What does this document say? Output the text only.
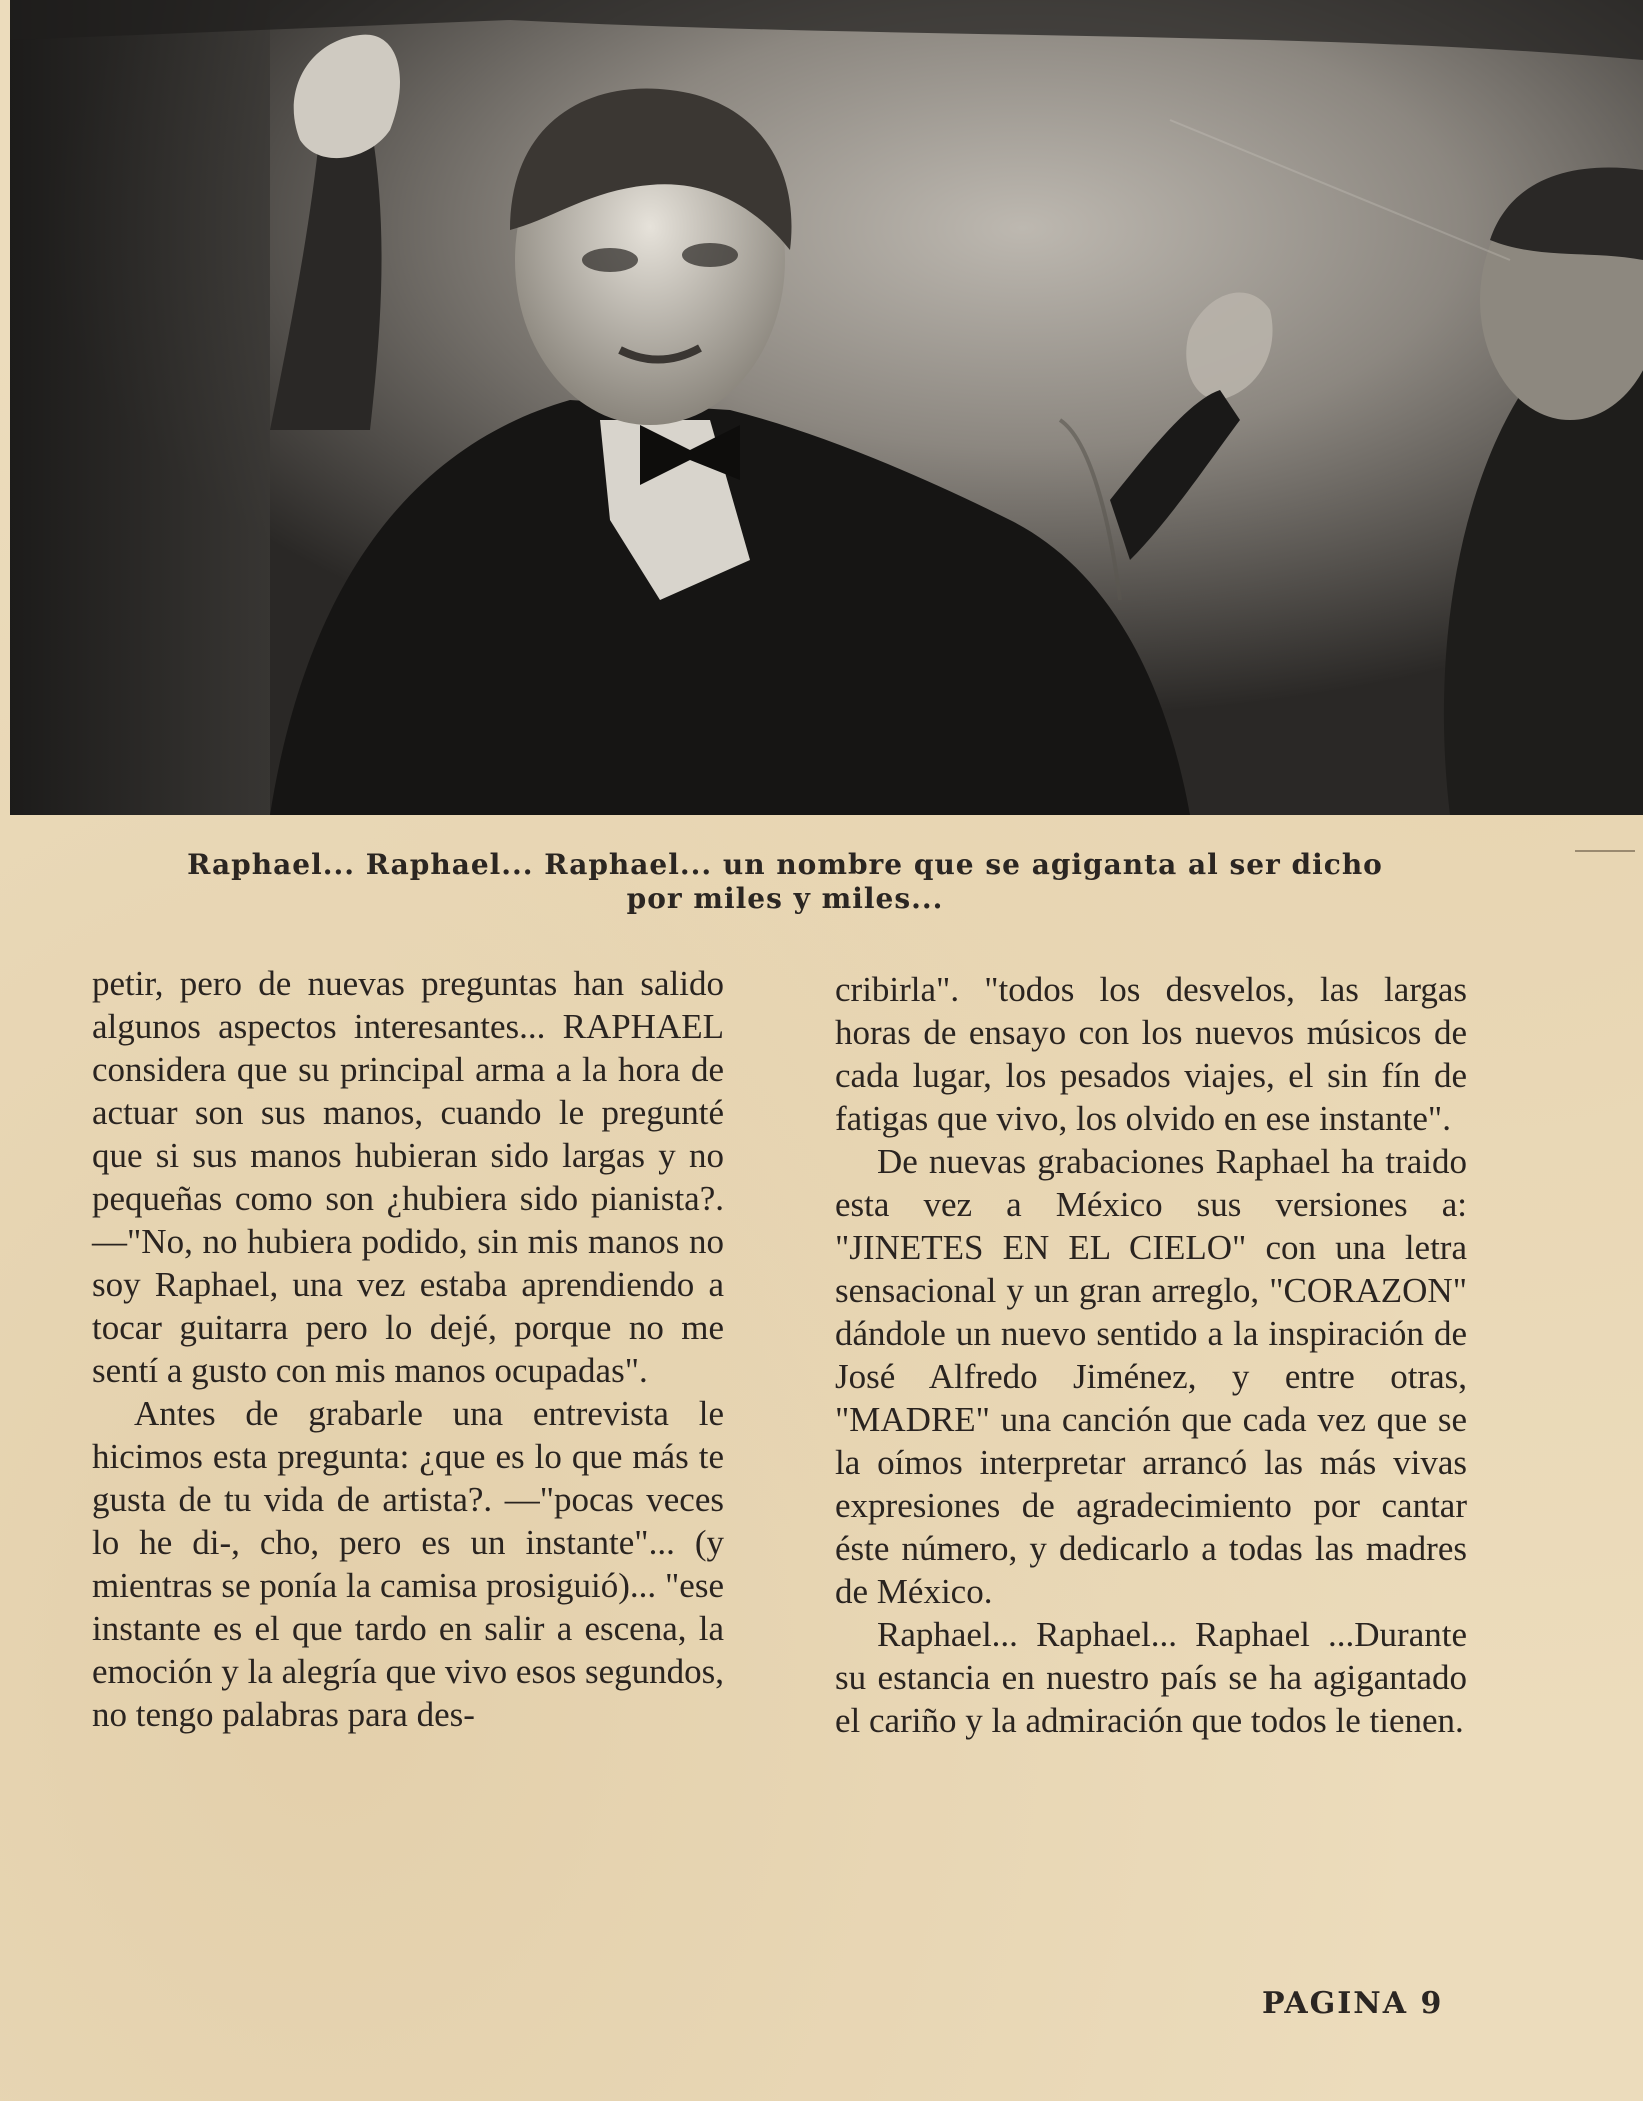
Raphael... Raphael... Raphael... un nombre que se agiganta al ser dicho
por miles y miles...

petir, pero de nuevas preguntas han salido algunos aspectos interesantes... RAPHAEL considera que su principal arma a la hora de actuar son sus manos, cuando le pregunté que si sus manos hubieran sido largas y no pequeñas como son ¿hubiera sido pianista?. —"No, no hubiera podido, sin mis manos no soy Raphael, una vez estaba aprendiendo a tocar guitarra pero lo dejé, porque no me sentí a gusto con mis manos ocupadas".

Antes de grabarle una entrevista le hicimos esta pregunta: ¿que es lo que más te gusta de tu vida de artista?. —"pocas veces lo he di-, cho, pero es un instante"... (y mientras se ponía la camisa prosiguió)... "ese instante es el que tardo en salir a escena, la emoción y la alegría que vivo esos segundos, no tengo palabras para des-

cribirla". "todos los desvelos, las largas horas de ensayo con los nuevos músicos de cada lugar, los pesados viajes, el sin fín de fatigas que vivo, los olvido en ese instante".

De nuevas grabaciones Raphael ha traido esta vez a México sus versiones a: "JINETES EN EL CIELO" con una letra sensacional y un gran arreglo, "CORAZON" dándole un nuevo sentido a la inspiración de José Alfredo Jiménez, y entre otras, "MADRE" una canción que cada vez que se la oímos interpretar arrancó las más vivas expresiones de agradecimiento por cantar éste número, y dedicarlo a todas las madres de México.

Raphael... Raphael... Raphael ...Durante su estancia en nuestro país se ha agigantado el cariño y la admiración que todos le tienen.

PAGINA 9
